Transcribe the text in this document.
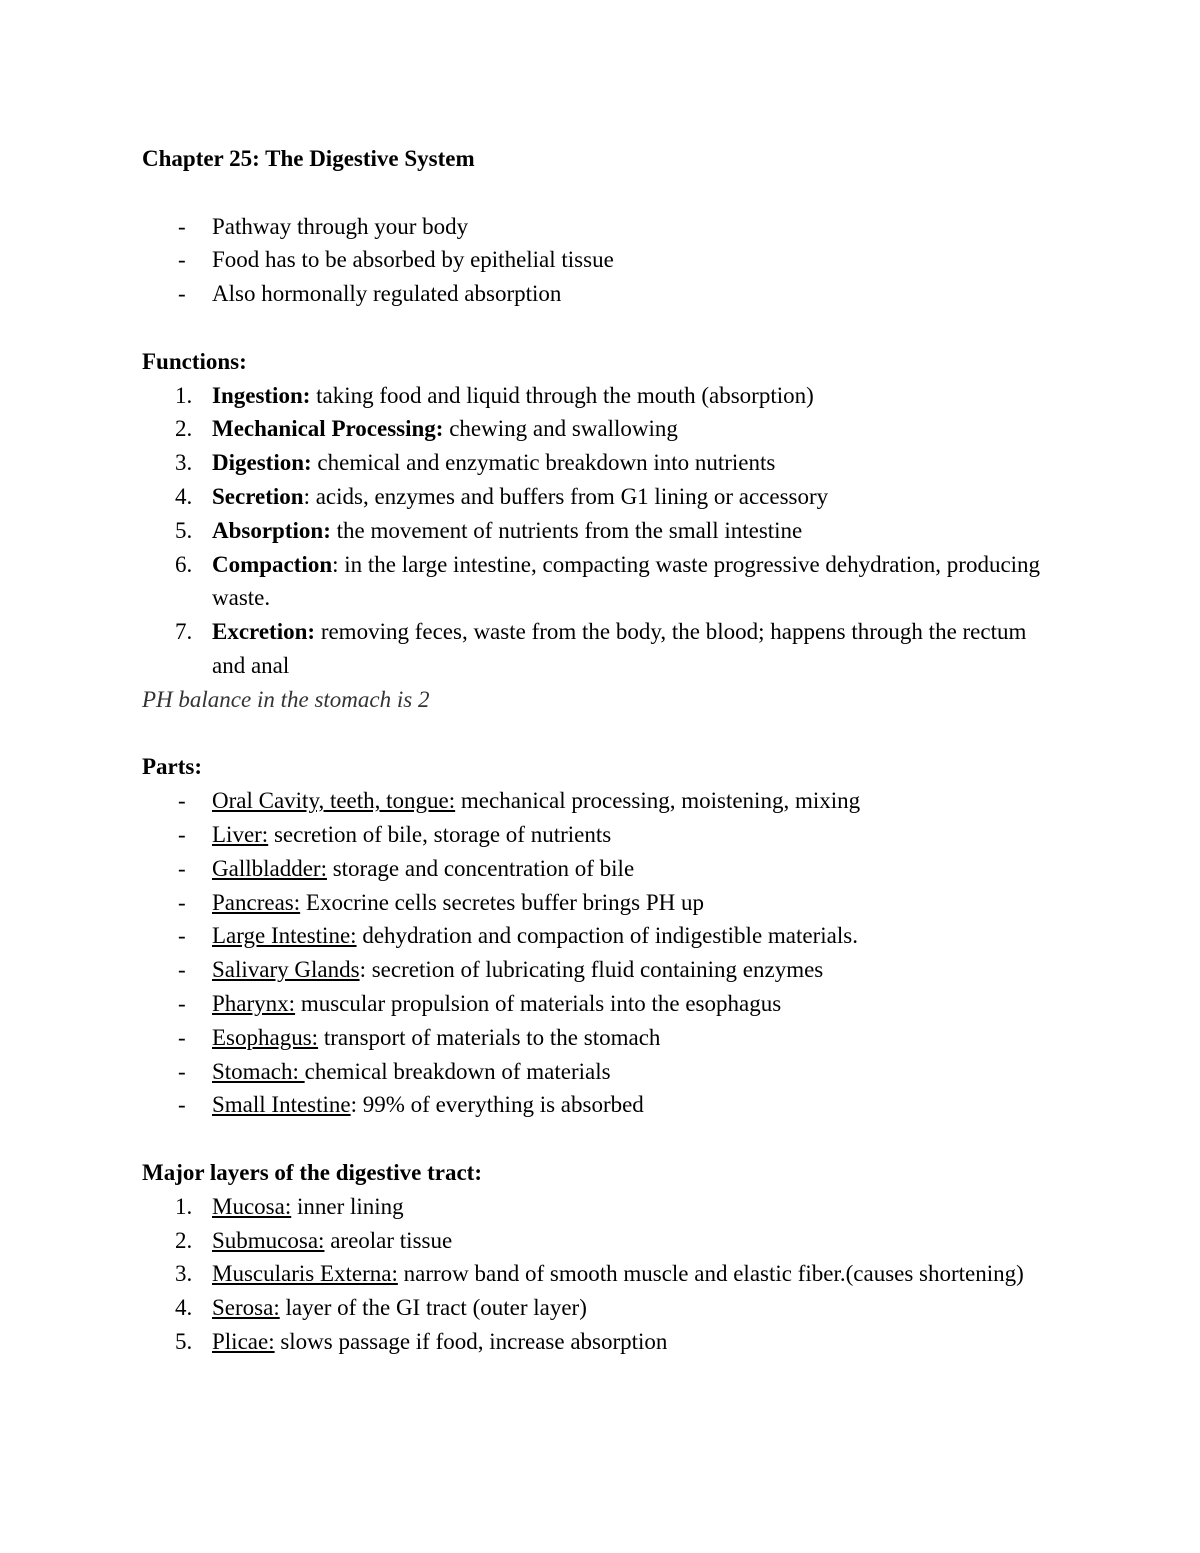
Chapter 25: The Digestive System
- Pathway through your body
- Food has to be absorbed by epithelial tissue
- Also hormonally regulated absorption
Functions:
1. Ingestion: taking food and liquid through the mouth (absorption)
2. Mechanical Processing: chewing and swallowing
3. Digestion: chemical and enzymatic breakdown into nutrients
4. Secretion: acids, enzymes and buffers from G1 lining or accessory
5. Absorption: the movement of nutrients from the small intestine
6. Compaction: in the large intestine, compacting waste progressive dehydration, producing waste.
7. Excretion: removing feces, waste from the body, the blood; happens through the rectum and anal
PH balance in the stomach is 2
Parts:
- Oral Cavity, teeth, tongue: mechanical processing, moistening, mixing
- Liver: secretion of bile, storage of nutrients
- Gallbladder: storage and concentration of bile
- Pancreas: Exocrine cells secretes buffer brings PH up
- Large Intestine: dehydration and compaction of indigestible materials.
- Salivary Glands: secretion of lubricating fluid containing enzymes
- Pharynx: muscular propulsion of materials into the esophagus
- Esophagus: transport of materials to the stomach
- Stomach: chemical breakdown of materials
- Small Intestine: 99% of everything is absorbed
Major layers of the digestive tract:
1. Mucosa: inner lining
2. Submucosa: areolar tissue
3. Muscularis Externa: narrow band of smooth muscle and elastic fiber.(causes shortening)
4. Serosa: layer of the GI tract (outer layer)
5. Plicae: slows passage if food, increase absorption
